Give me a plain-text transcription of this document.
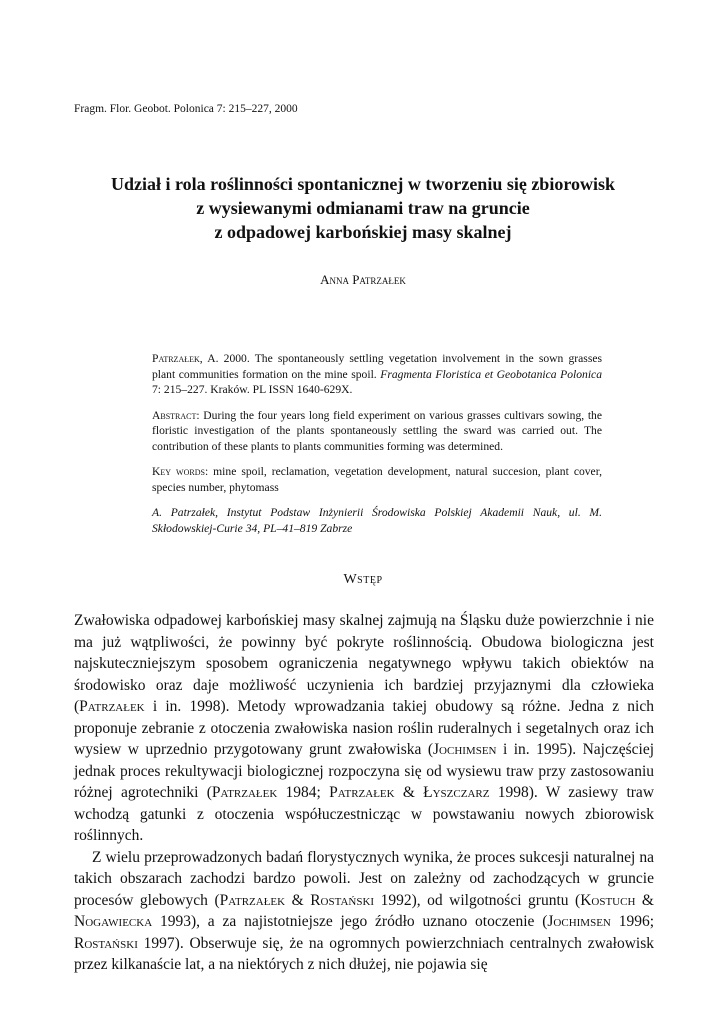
Fragm. Flor. Geobot. Polonica 7: 215–227, 2000
Udział i rola roślinności spontanicznej w tworzeniu się zbiorowisk
z wysiewanymi odmianami traw na gruncie
z odpadowej karbońskiej masy skalnej
Anna Patrzałek

Patrzałek, A. 2000. The spontaneously settling vegetation involvement in the sown grasses plant communities formation on the mine spoil. Fragmenta Floristica et Geobotanica Polonica 7: 215–227. Kraków. PL ISSN 1640-629X.

Abstract: During the four years long field experiment on various grasses cultivars sowing, the floristic investigation of the plants spontaneously settling the sward was carried out. The contribution of these plants to plants communities forming was determined.

Key words: mine spoil, reclamation, vegetation development, natural succesion, plant cover, species number, phytomass

A. Patrzałek, Instytut Podstaw Inżynierii Środowiska Polskiej Akademii Nauk, ul. M. Skłodowskiej-Curie 34, PL–41–819 Zabrze

Wstęp

Zwałowiska odpadowej karbońskiej masy skalnej zajmują na Śląsku duże powierzchnie i nie ma już wątpliwości, że powinny być pokryte roślinnością. Obudowa biologiczna jest najskuteczniejszym sposobem ograniczenia negatywnego wpływu takich obiektów na środowisko oraz daje możliwość uczynienia ich bardziej przyjaznymi dla człowieka (Patrzałek i in. 1998). Metody wprowadzania takiej obudowy są różne. Jedna z nich proponuje zebranie z otoczenia zwałowiska nasion roślin ruderalnych i segetalnych oraz ich wysiew w uprzednio przygotowany grunt zwałowiska (Jochimsen i in. 1995). Najczęściej jednak proces rekultywacji biologicznej rozpoczyna się od wysiewu traw przy zastosowaniu różnej agrotechniki (Patrzałek 1984; Patrzałek & Łyszczarz 1998). W zasiewy traw wchodzą gatunki z otoczenia współuczestnicząc w powstawaniu nowych zbiorowisk roślinnych.

Z wielu przeprowadzonych badań florystycznych wynika, że proces sukcesji naturalnej na takich obszarach zachodzi bardzo powoli. Jest on zależny od zachodzących w gruncie procesów glebowych (Patrzałek & Rostański 1992), od wilgotności gruntu (Kostuch & Nogawiecka 1993), a za najistotniejsze jego źródło uznano otoczenie (Jochimsen 1996; Rostański 1997). Obserwuje się, że na ogromnych powierzchniach centralnych zwałowisk przez kilkanaście lat, a na niektórych z nich dłużej, nie pojawia się
